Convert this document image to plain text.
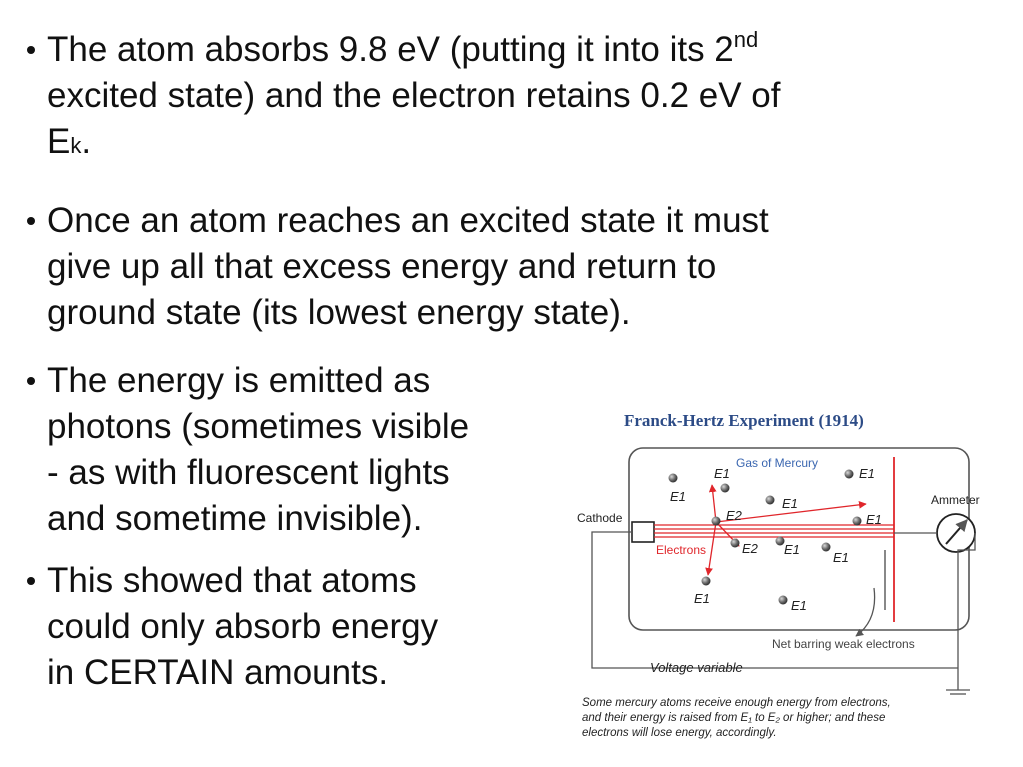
The atom absorbs 9.8 eV (putting it into its 2nd
excited state) and the electron retains 0.2 eV of
Ek.
Once an atom reaches an excited state it must
give up all that excess energy and return to
ground state (its lowest energy state).
The energy is emitted as
photons (sometimes visible
- as with fluorescent lights
and sometime invisible).
This showed that atoms
could only absorb energy
in CERTAIN amounts.
Franck-Hertz Experiment (1914)
Gas of Mercury
Cathode
Electrons
E1
E1
E1
E2
E2 E1
E1
E1
E1
E1	E1
Net barring weak electrons
Ammeter
Voltage variable
Some mercury atoms receive enough energy from electrons,
and their energy is raised from E₁ to E₂ or higher; and these
electrons will lose energy, accordingly.
